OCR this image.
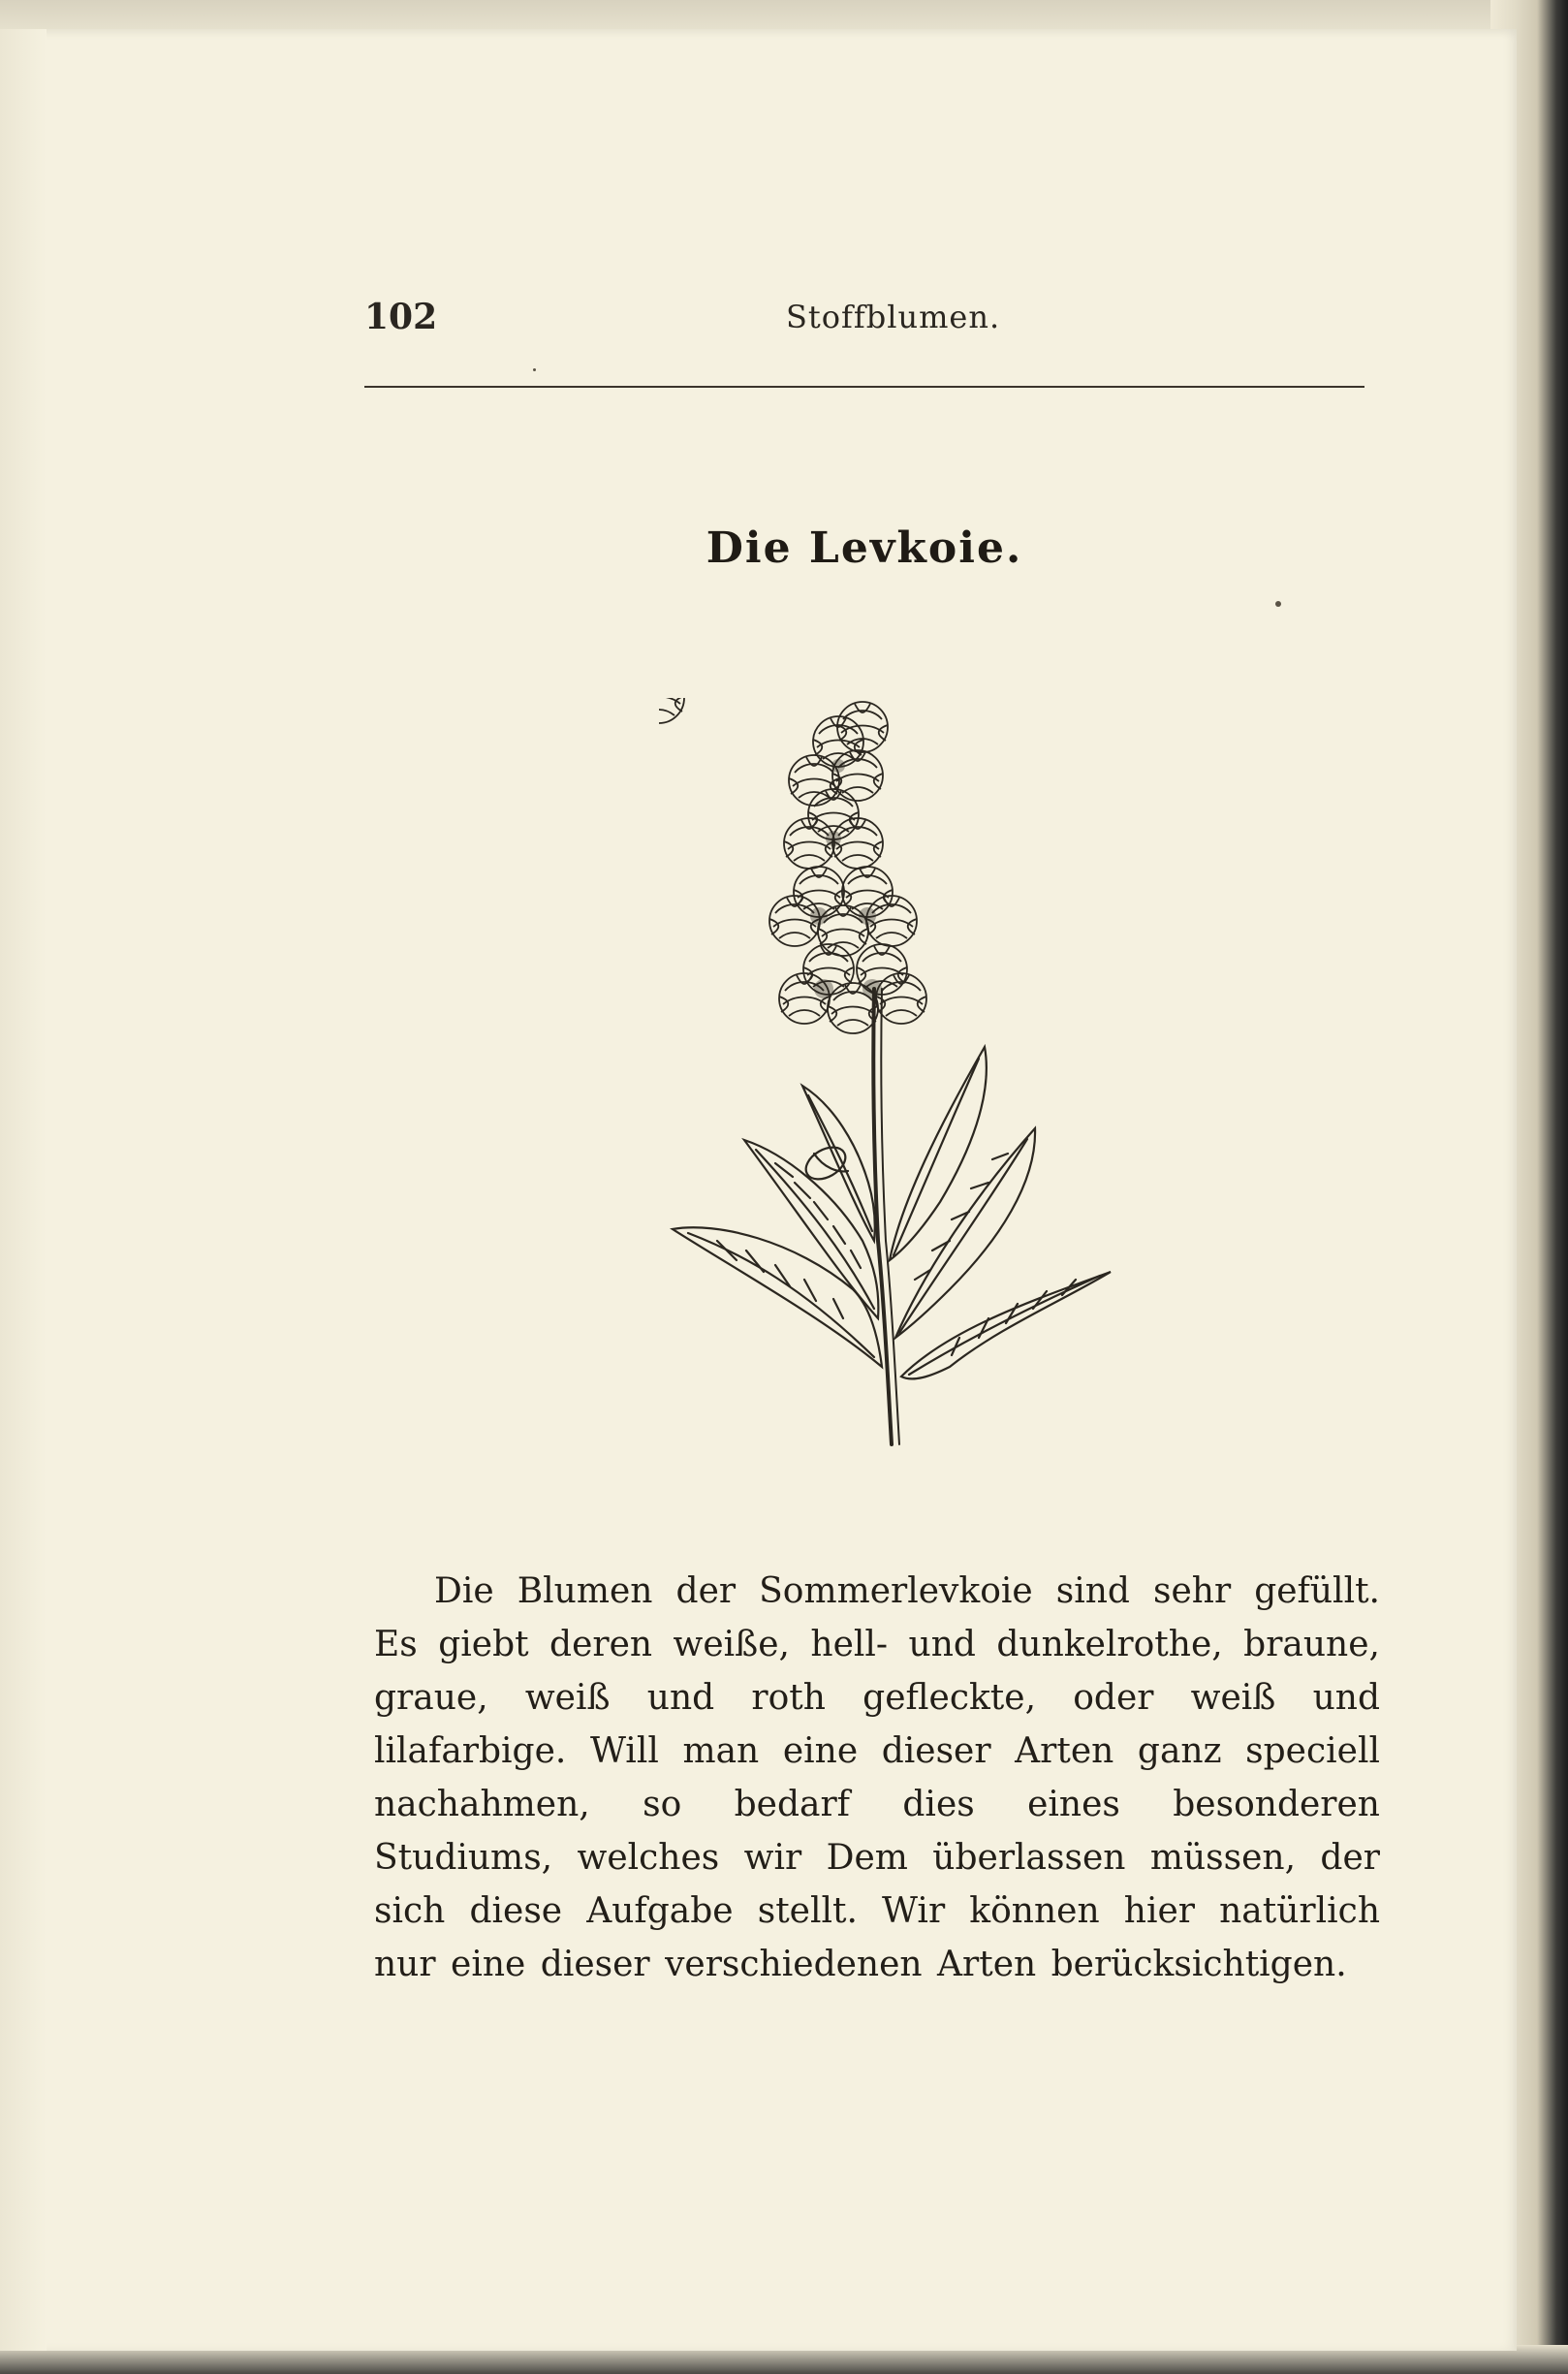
102	Stoffblumen.
Die Levkoie.

Die Blumen der Sommerlevkoie sind sehr gefüllt. Es giebt deren weiße, hell- und dunkelrothe, braune, graue, weiß und roth gefleckte, oder weiß und lilafarbige. Will man eine dieser Arten ganz speciell nachahmen, so bedarf dies eines besonderen Studiums, welches wir Dem überlassen müssen, der sich diese Aufgabe stellt. Wir können hier natürlich nur eine dieser verschiedenen Arten berücksichtigen.
